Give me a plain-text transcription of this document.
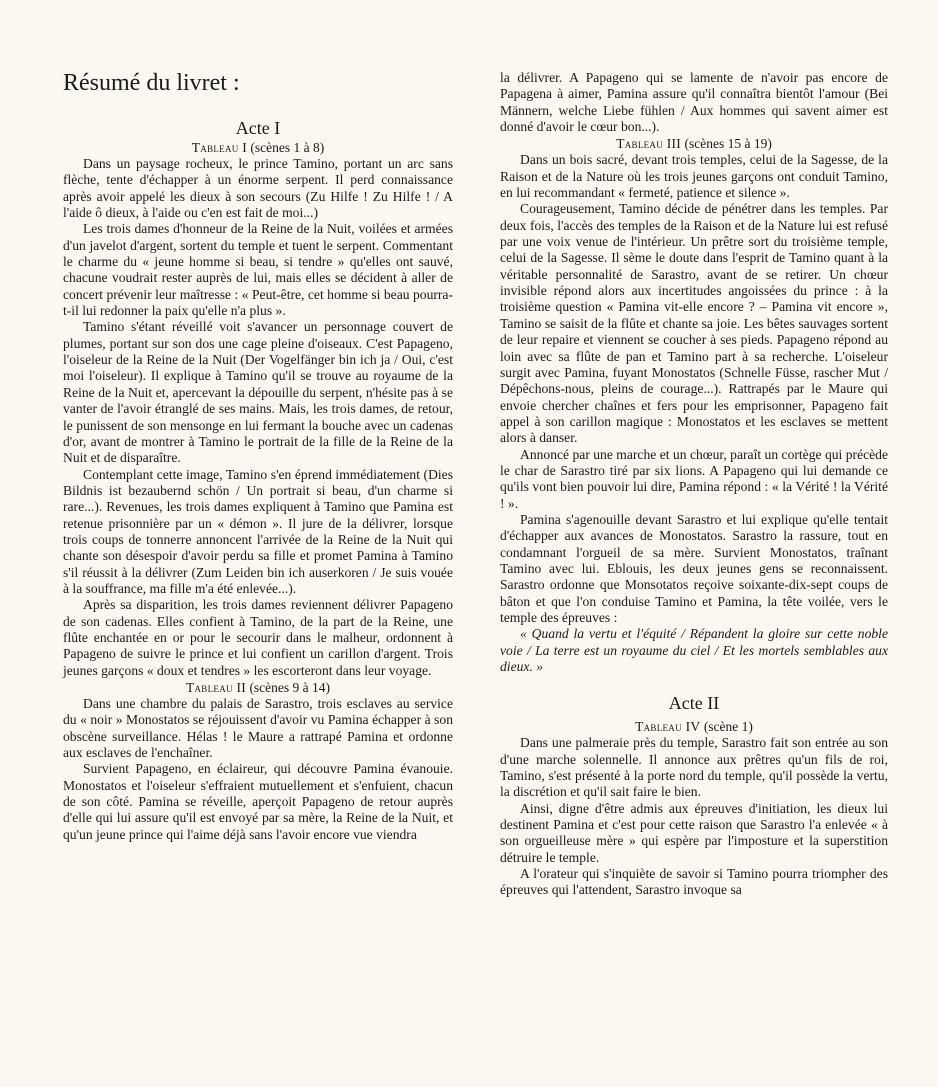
Résumé du livret :
Acte I
Tableau I (scènes 1 à 8)

Dans un paysage rocheux, le prince Tamino, portant un arc sans flèche, tente d'échapper à un énorme serpent. Il perd connaissance après avoir appelé les dieux à son secours (Zu Hilfe ! Zu Hilfe ! / A l'aide ô dieux, à l'aide ou c'en est fait de moi...)

Les trois dames d'honneur de la Reine de la Nuit, voilées et armées d'un javelot d'argent, sortent du temple et tuent le serpent. Commentant le charme du « jeune homme si beau, si tendre » qu'elles ont sauvé, chacune voudrait rester auprès de lui, mais elles se décident à aller de concert prévenir leur maîtresse : « Peut-être, cet homme si beau pourra-t-il lui redonner la paix qu'elle n'a plus ».

Tamino s'étant réveillé voit s'avancer un personnage couvert de plumes, portant sur son dos une cage pleine d'oiseaux. C'est Papageno, l'oiseleur de la Reine de la Nuit (Der Vogelfänger bin ich ja / Oui, c'est moi l'oiseleur). Il explique à Tamino qu'il se trouve au royaume de la Reine de la Nuit et, apercevant la dépouille du serpent, n'hésite pas à se vanter de l'avoir étranglé de ses mains. Mais, les trois dames, de retour, le punissent de son mensonge en lui fermant la bouche avec un cadenas d'or, avant de montrer à Tamino le portrait de la fille de la Reine de la Nuit et de disparaître.

Contemplant cette image, Tamino s'en éprend immédiatement (Dies Bildnis ist bezaubernd schön / Un portrait si beau, d'un charme si rare...). Revenues, les trois dames expliquent à Tamino que Pamina est retenue prisonnière par un « démon ». Il jure de la délivrer, lorsque trois coups de tonnerre annoncent l'arrivée de la Reine de la Nuit qui chante son désespoir d'avoir perdu sa fille et promet Pamina à Tamino s'il réussit à la délivrer (Zum Leiden bin ich auserkoren / Je suis vouée à la souffrance, ma fille m'a été enlevée...).

Après sa disparition, les trois dames reviennent délivrer Papageno de son cadenas. Elles confient à Tamino, de la part de la Reine, une flûte enchantée en or pour le secourir dans le malheur, ordonnent à Papageno de suivre le prince et lui confient un carillon d'argent. Trois jeunes garçons « doux et tendres » les escorteront dans leur voyage.

Tableau II (scènes 9 à 14)

Dans une chambre du palais de Sarastro, trois esclaves au service du « noir » Monostatos se réjouissent d'avoir vu Pamina échapper à son obscène surveillance. Hélas ! le Maure a rattrapé Pamina et ordonne aux esclaves de l'enchaîner.

Survient Papageno, en éclaireur, qui découvre Pamina évanouie. Monostatos et l'oiseleur s'effraient mutuellement et s'enfuient, chacun de son côté. Pamina se réveille, aperçoit Papageno de retour auprès d'elle qui lui assure qu'il est envoyé par sa mère, la Reine de la Nuit, et qu'un jeune prince qui l'aime déjà sans l'avoir encore vue viendra

la délivrer. A Papageno qui se lamente de n'avoir pas encore de Papagena à aimer, Pamina assure qu'il connaîtra bientôt l'amour (Bei Männern, welche Liebe fühlen / Aux hommes qui savent aimer est donné d'avoir le cœur bon...).

Tableau III (scènes 15 à 19)

Dans un bois sacré, devant trois temples, celui de la Sagesse, de la Raison et de la Nature où les trois jeunes garçons ont conduit Tamino, en lui recommandant « fermeté, patience et silence ».

Courageusement, Tamino décide de pénétrer dans les temples. Par deux fois, l'accès des temples de la Raison et de la Nature lui est refusé par une voix venue de l'intérieur. Un prêtre sort du troisième temple, celui de la Sagesse. Il sème le doute dans l'esprit de Tamino quant à la véritable personnalité de Sarastro, avant de se retirer. Un chœur invisible répond alors aux incertitudes angoissées du prince : à la troisième question « Pamina vit-elle encore ? – Pamina vit encore », Tamino se saisit de la flûte et chante sa joie. Les bêtes sauvages sortent de leur repaire et viennent se coucher à ses pieds. Papageno répond au loin avec sa flûte de pan et Tamino part à sa recherche. L'oiseleur surgit avec Pamina, fuyant Monostatos (Schnelle Füsse, rascher Mut / Dépêchons-nous, pleins de courage...). Rattrapés par le Maure qui envoie chercher chaînes et fers pour les emprisonner, Papageno fait appel à son carillon magique : Monostatos et les esclaves se mettent alors à danser.

Annoncé par une marche et un chœur, paraît un cortège qui précède le char de Sarastro tiré par six lions. A Papageno qui lui demande ce qu'ils vont bien pouvoir lui dire, Pamina répond : « la Vérité ! la Vérité ! ».

Pamina s'agenouille devant Sarastro et lui explique qu'elle tentait d'échapper aux avances de Monostatos. Sarastro la rassure, tout en condamnant l'orgueil de sa mère. Survient Monostatos, traînant Tamino avec lui. Eblouis, les deux jeunes gens se reconnaissent. Sarastro ordonne que Monsotatos reçoive soixante-dix-sept coups de bâton et que l'on conduise Tamino et Pamina, la tête voilée, vers le temple des épreuves :

« Quand la vertu et l'équité / Répandent la gloire sur cette noble voie / La terre est un royaume du ciel / Et les mortels semblables aux dieux. »

Acte II
Tableau IV (scène 1)

Dans une palmeraie près du temple, Sarastro fait son entrée au son d'une marche solennelle. Il annonce aux prêtres qu'un fils de roi, Tamino, s'est présenté à la porte nord du temple, qu'il possède la vertu, la discrétion et qu'il sait faire le bien.

Ainsi, digne d'être admis aux épreuves d'initiation, les dieux lui destinent Pamina et c'est pour cette raison que Sarastro l'a enlevée « à son orgueilleuse mère » qui espère par l'imposture et la superstition détruire le temple.

A l'orateur qui s'inquiète de savoir si Tamino pourra triompher des épreuves qui l'attendent, Sarastro invoque sa
